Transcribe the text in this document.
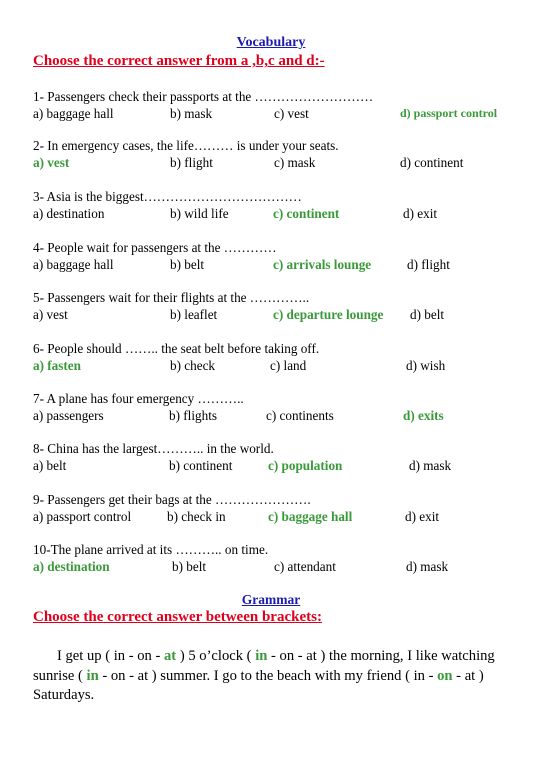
Vocabulary
Choose the correct answer from a ,b,c and d:-
1- Passengers check their passports at the ………………………
a) baggage hall	b) mask	c) vest	d) passport control
2- In emergency cases, the life……… is under your seats.
a) vest	b) flight	c) mask	d) continent
3- Asia is the biggest………………………………
a) destination	b) wild life	c) continent	d) exit
4- People wait for passengers at the …………
a) baggage hall	b) belt	c) arrivals lounge	d) flight
5- Passengers wait for their flights at the …………..
a) vest	b) leaflet	c) departure lounge d) belt
6- People should …….. the seat belt before taking off.
a) fasten	b) check	c) land	d) wish
7- A plane has four emergency ………..
a) passengers	b) flights	c) continents	d) exits
8- China has the largest……….. in the world.
a) belt	b) continent	c) population	d) mask
9- Passengers get their bags at the ………………….
a) passport control	b) check in	c) baggage hall	d) exit
10-The plane arrived at its ……….. on time.
a) destination	b) belt	c) attendant	d) mask
Grammar
Choose the correct answer between brackets:
I get up ( in - on - at ) 5 o’clock ( in - on - at ) the morning, I like watching sunrise ( in - on - at ) summer. I go to the beach with my friend ( in - on - at ) Saturdays.
